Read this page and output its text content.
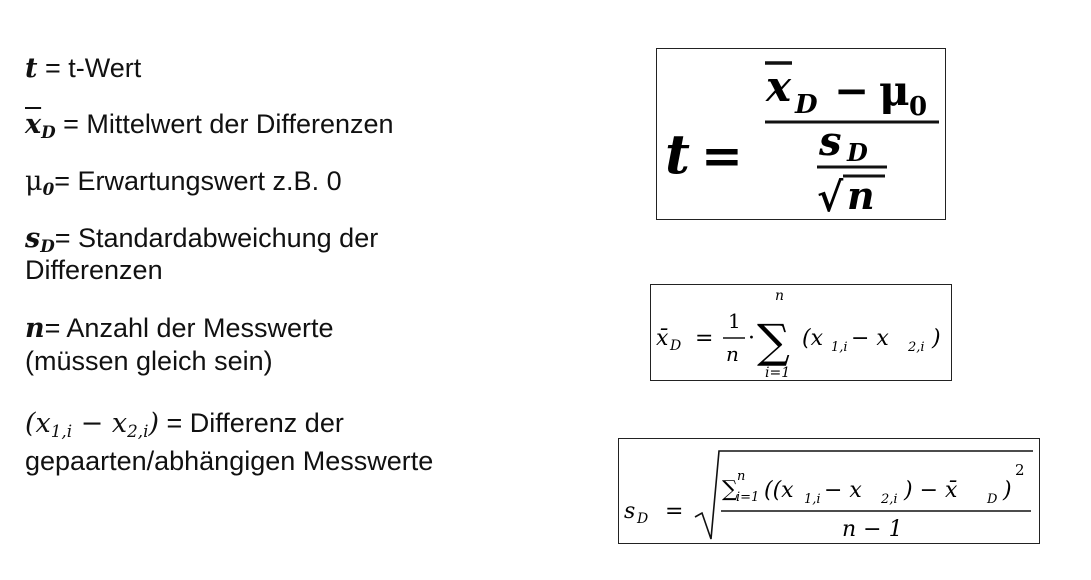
t = t-Wert
$\overline{x}_D$ = Mittelwert der Differenzen
$\mu_0=$ Erwartungswert z.B. 0
$s_D=$ Standardabweichung der
Differenzen
n= Anzahl der Messwerte
(müssen gleich sein)
$(x_{1,i} - x_{2,i})$ = Differenz der
gepaarten/abhängigen Messwerte
t =
x D − μ 0
s D
√ n
x̄ D =
1
n
· ∑
n
i=1
(x 1,i − x 2,i )
s D =
∑
i=1
n
((x 1,i − x 2,i ) − x̄ D )
2
n − 1
